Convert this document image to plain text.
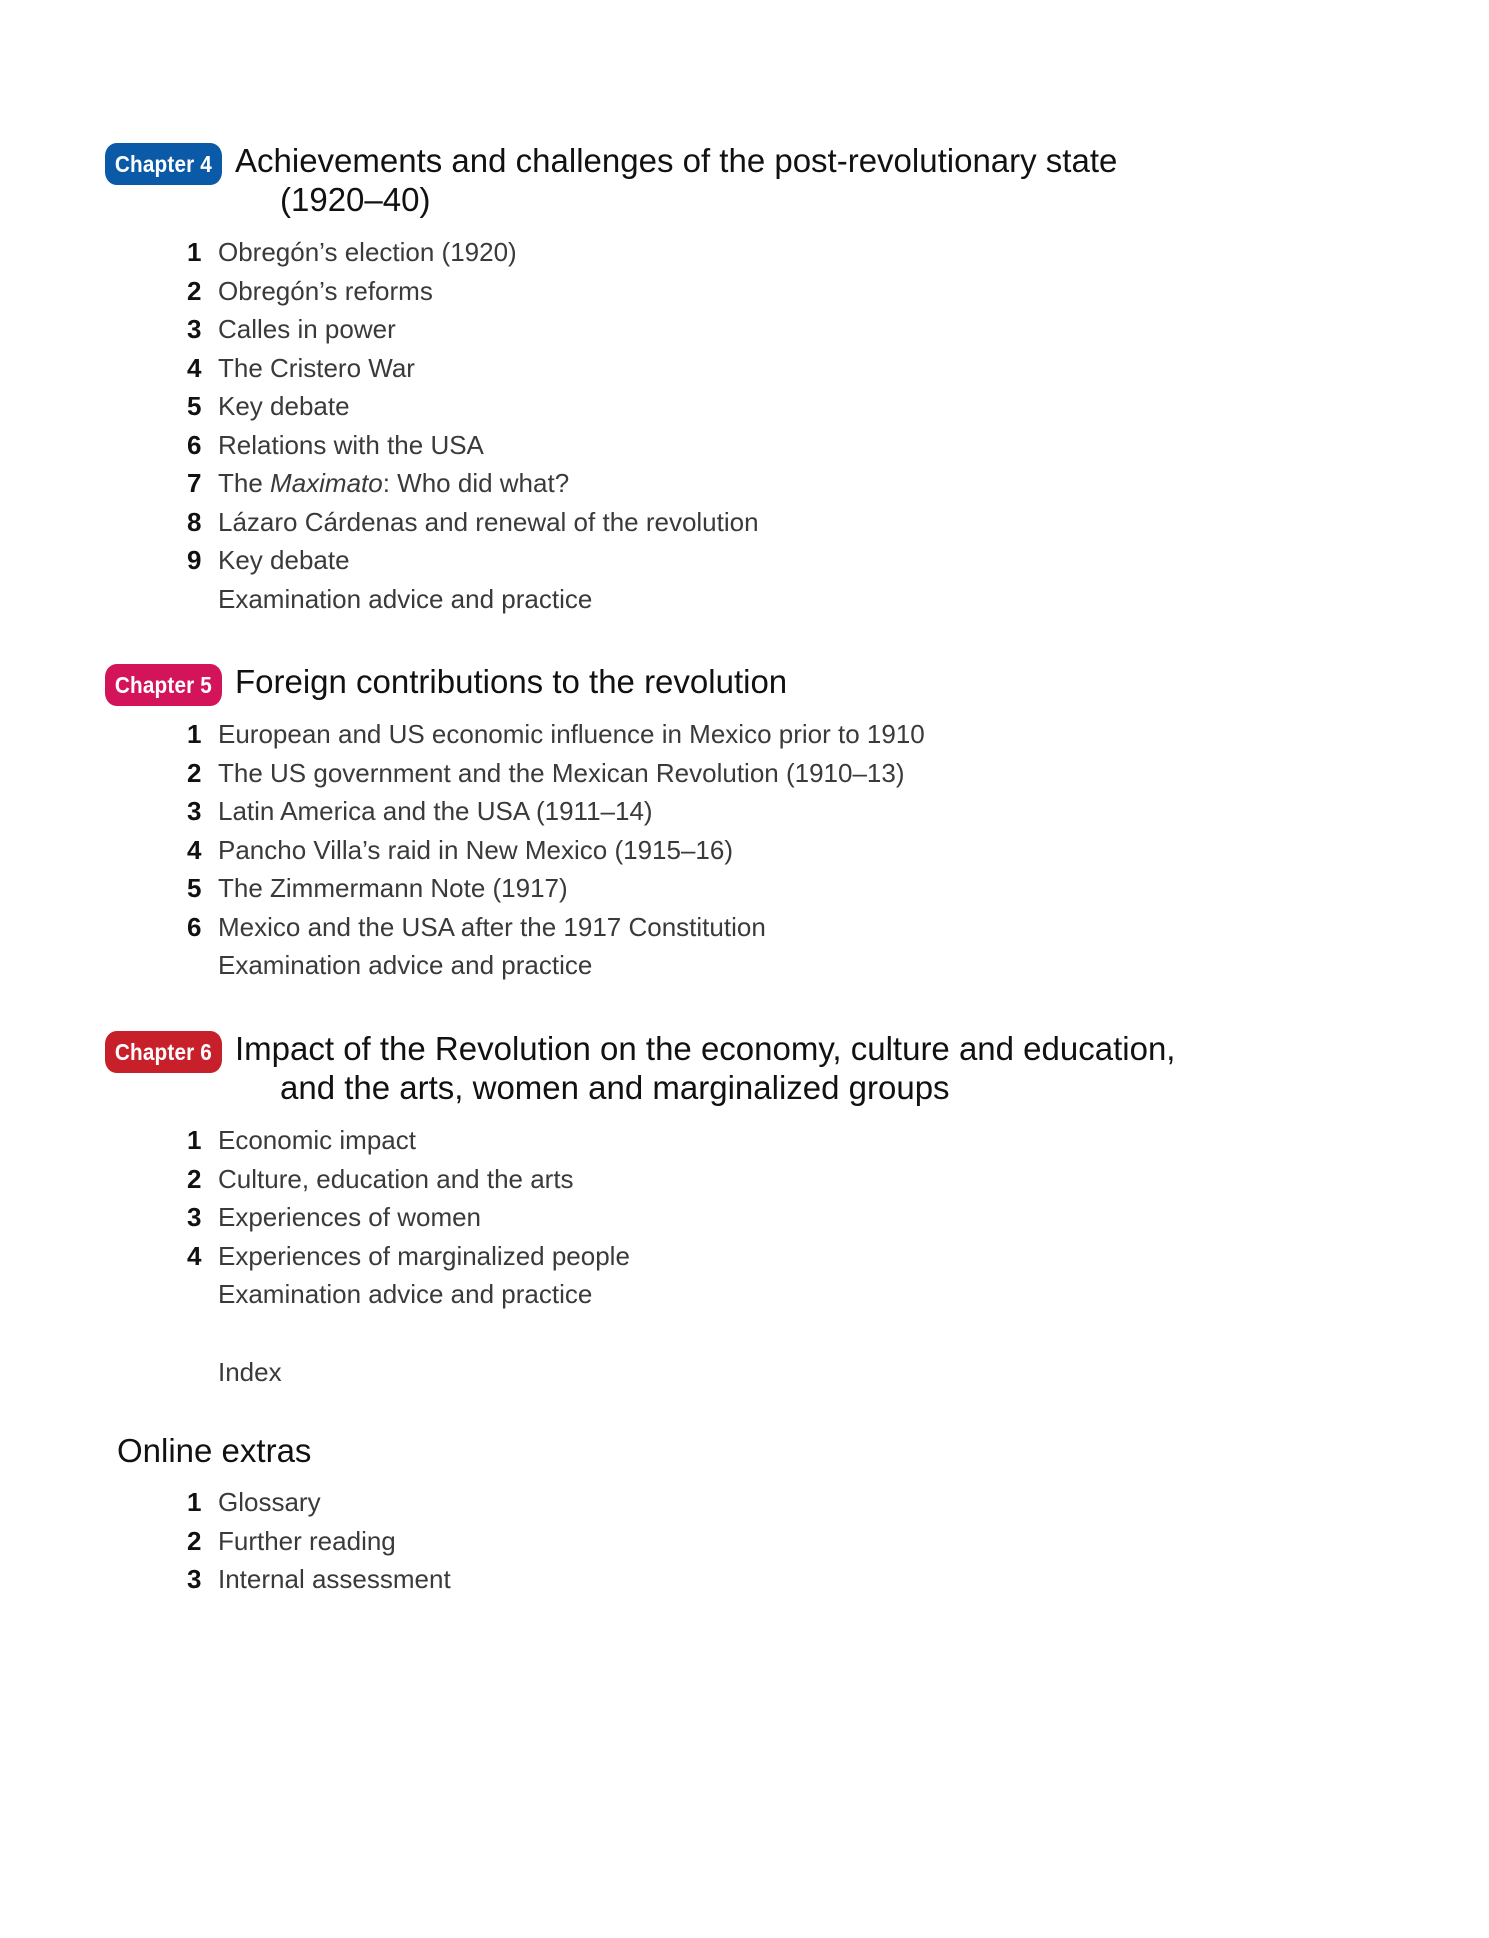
Chapter 4 Achievements and challenges of the post-revolutionary state
(1920–40)
1 Obregón’s election (1920)
2 Obregón’s reforms
3 Calles in power
4 The Cristero War
5 Key debate
6 Relations with the USA
7 The Maximato: Who did what?
8 Lázaro Cárdenas and renewal of the revolution
9 Key debate
Examination advice and practice
Chapter 5 Foreign contributions to the revolution
1 European and US economic influence in Mexico prior to 1910
2 The US government and the Mexican Revolution (1910–13)
3 Latin America and the USA (1911–14)
4 Pancho Villa’s raid in New Mexico (1915–16)
5 The Zimmermann Note (1917)
6 Mexico and the USA after the 1917 Constitution
Examination advice and practice
Chapter 6 Impact of the Revolution on the economy, culture and education,
and the arts, women and marginalized groups
1 Economic impact
2 Culture, education and the arts
3 Experiences of women
4 Experiences of marginalized people
Examination advice and practice
Index
Online extras
1 Glossary
2 Further reading
3 Internal assessment
